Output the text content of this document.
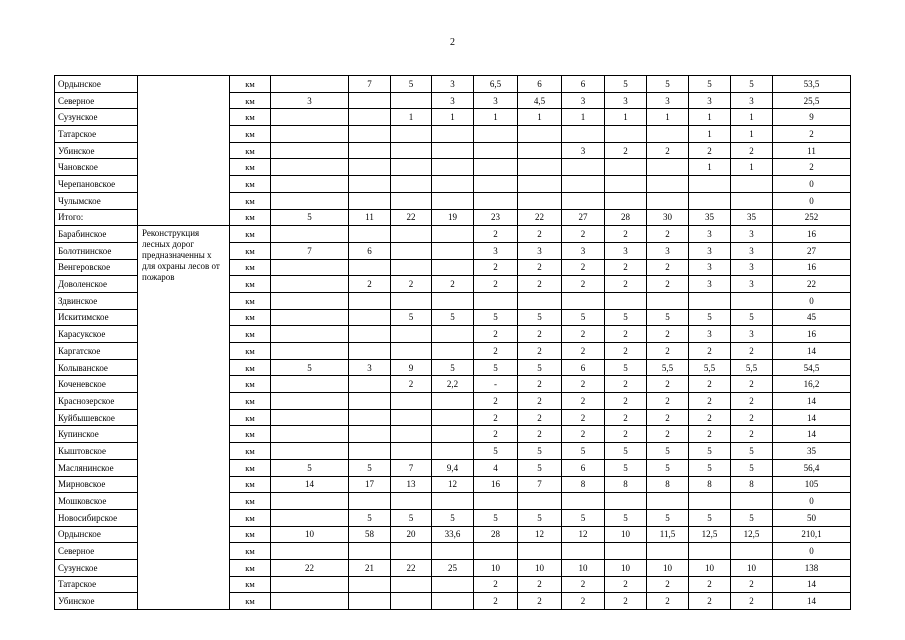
2
Ордынское		км		7	5	3	6,5	6	6	5	5	5	5	53,5
Северное		км	3			3	3	4,5	3	3	3	3	3	25,5
Сузунское		км			1	1	1	1	1	1	1	1	1	9
Татарское		км										1	1	2
Убинское		км							3	2	2	2	2	11
Чановское		км										1	1	2
Черепановское		км												0
Чулымское		км												0
Итого:		км	5	11	22	19	23	22	27	28	30	35	35	252
Барабинское	Реконструкция лесных дорог предназначенны х для охраны лесов от пожаров	км					2	2	2	2	2	3	3	16
Болотнинское		км	7	6			3	3	3	3	3	3	3	27
Венгеровское		км					2	2	2	2	2	3	3	16
Доволенское		км		2	2	2	2	2	2	2	2	3	3	22
Здвинское		км												0
Искитимское		км			5	5	5	5	5	5	5	5	5	45
Карасукское		км					2	2	2	2	2	3	3	16
Каргатское		км					2	2	2	2	2	2	2	14
Колыванское		км	5	3	9	5	5	5	6	5	5,5	5,5	5,5	54,5
Коченевское		км			2	2,2	-	2	2	2	2	2	2	16,2
Краснозерское		км					2	2	2	2	2	2	2	14
Куйбышевское		км					2	2	2	2	2	2	2	14
Купинское		км					2	2	2	2	2	2	2	14
Кыштовское		км					5	5	5	5	5	5	5	35
Маслянинское		км	5	5	7	9,4	4	5	6	5	5	5	5	56,4
Мирновское		км	14	17	13	12	16	7	8	8	8	8	8	105
Мошковское		км												0
Новосибирское		км		5	5	5	5	5	5	5	5	5	5	50
Ордынское		км	10	58	20	33,6	28	12	12	10	11,5	12,5	12,5	210,1
Северное		км												0
Сузунское		км	22	21	22	25	10	10	10	10	10	10	10	138
Татарское		км					2	2	2	2	2	2	2	14
Убинское		км					2	2	2	2	2	2	2	14
